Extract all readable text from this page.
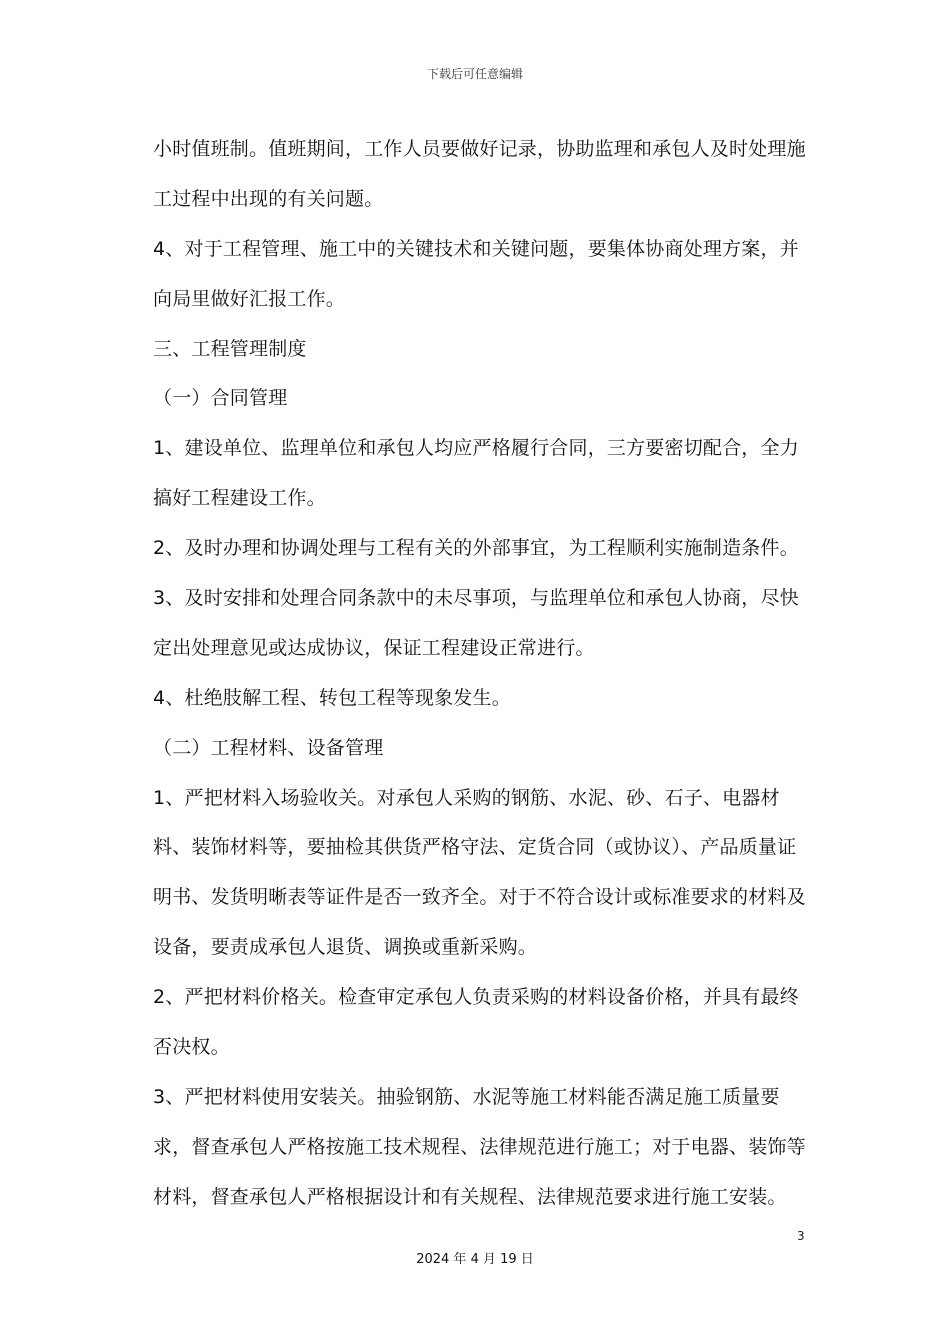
下载后可任意编辑
小时值班制。值班期间，工作人员要做好记录，协助监理和承包人及时处理施
工过程中出现的有关问题。
4、对于工程管理、施工中的关键技术和关键问题，要集体协商处理方案，并
向局里做好汇报工作。
三、工程管理制度
（一）合同管理
1、建设单位、监理单位和承包人均应严格履行合同，三方要密切配合，全力
搞好工程建设工作。
2、及时办理和协调处理与工程有关的外部事宜，为工程顺利实施制造条件。
3、及时安排和处理合同条款中的未尽事项，与监理单位和承包人协商，尽快
定出处理意见或达成协议，保证工程建设正常进行。
4、杜绝肢解工程、转包工程等现象发生。
（二）工程材料、设备管理
1、严把材料入场验收关。对承包人采购的钢筋、水泥、砂、石子、电器材
料、装饰材料等，要抽检其供货严格守法、定货合同（或协议）、产品质量证
明书、发货明晰表等证件是否一致齐全。对于不符合设计或标准要求的材料及
设备，要责成承包人退货、调换或重新采购。
2、严把材料价格关。检查审定承包人负责采购的材料设备价格，并具有最终
否决权。
3、严把材料使用安装关。抽验钢筋、水泥等施工材料能否满足施工质量要
求，督查承包人严格按施工技术规程、法律规范进行施工；对于电器、装饰等
材料，督查承包人严格根据设计和有关规程、法律规范要求进行施工安装。
3
2024 年 4 月 19 日
